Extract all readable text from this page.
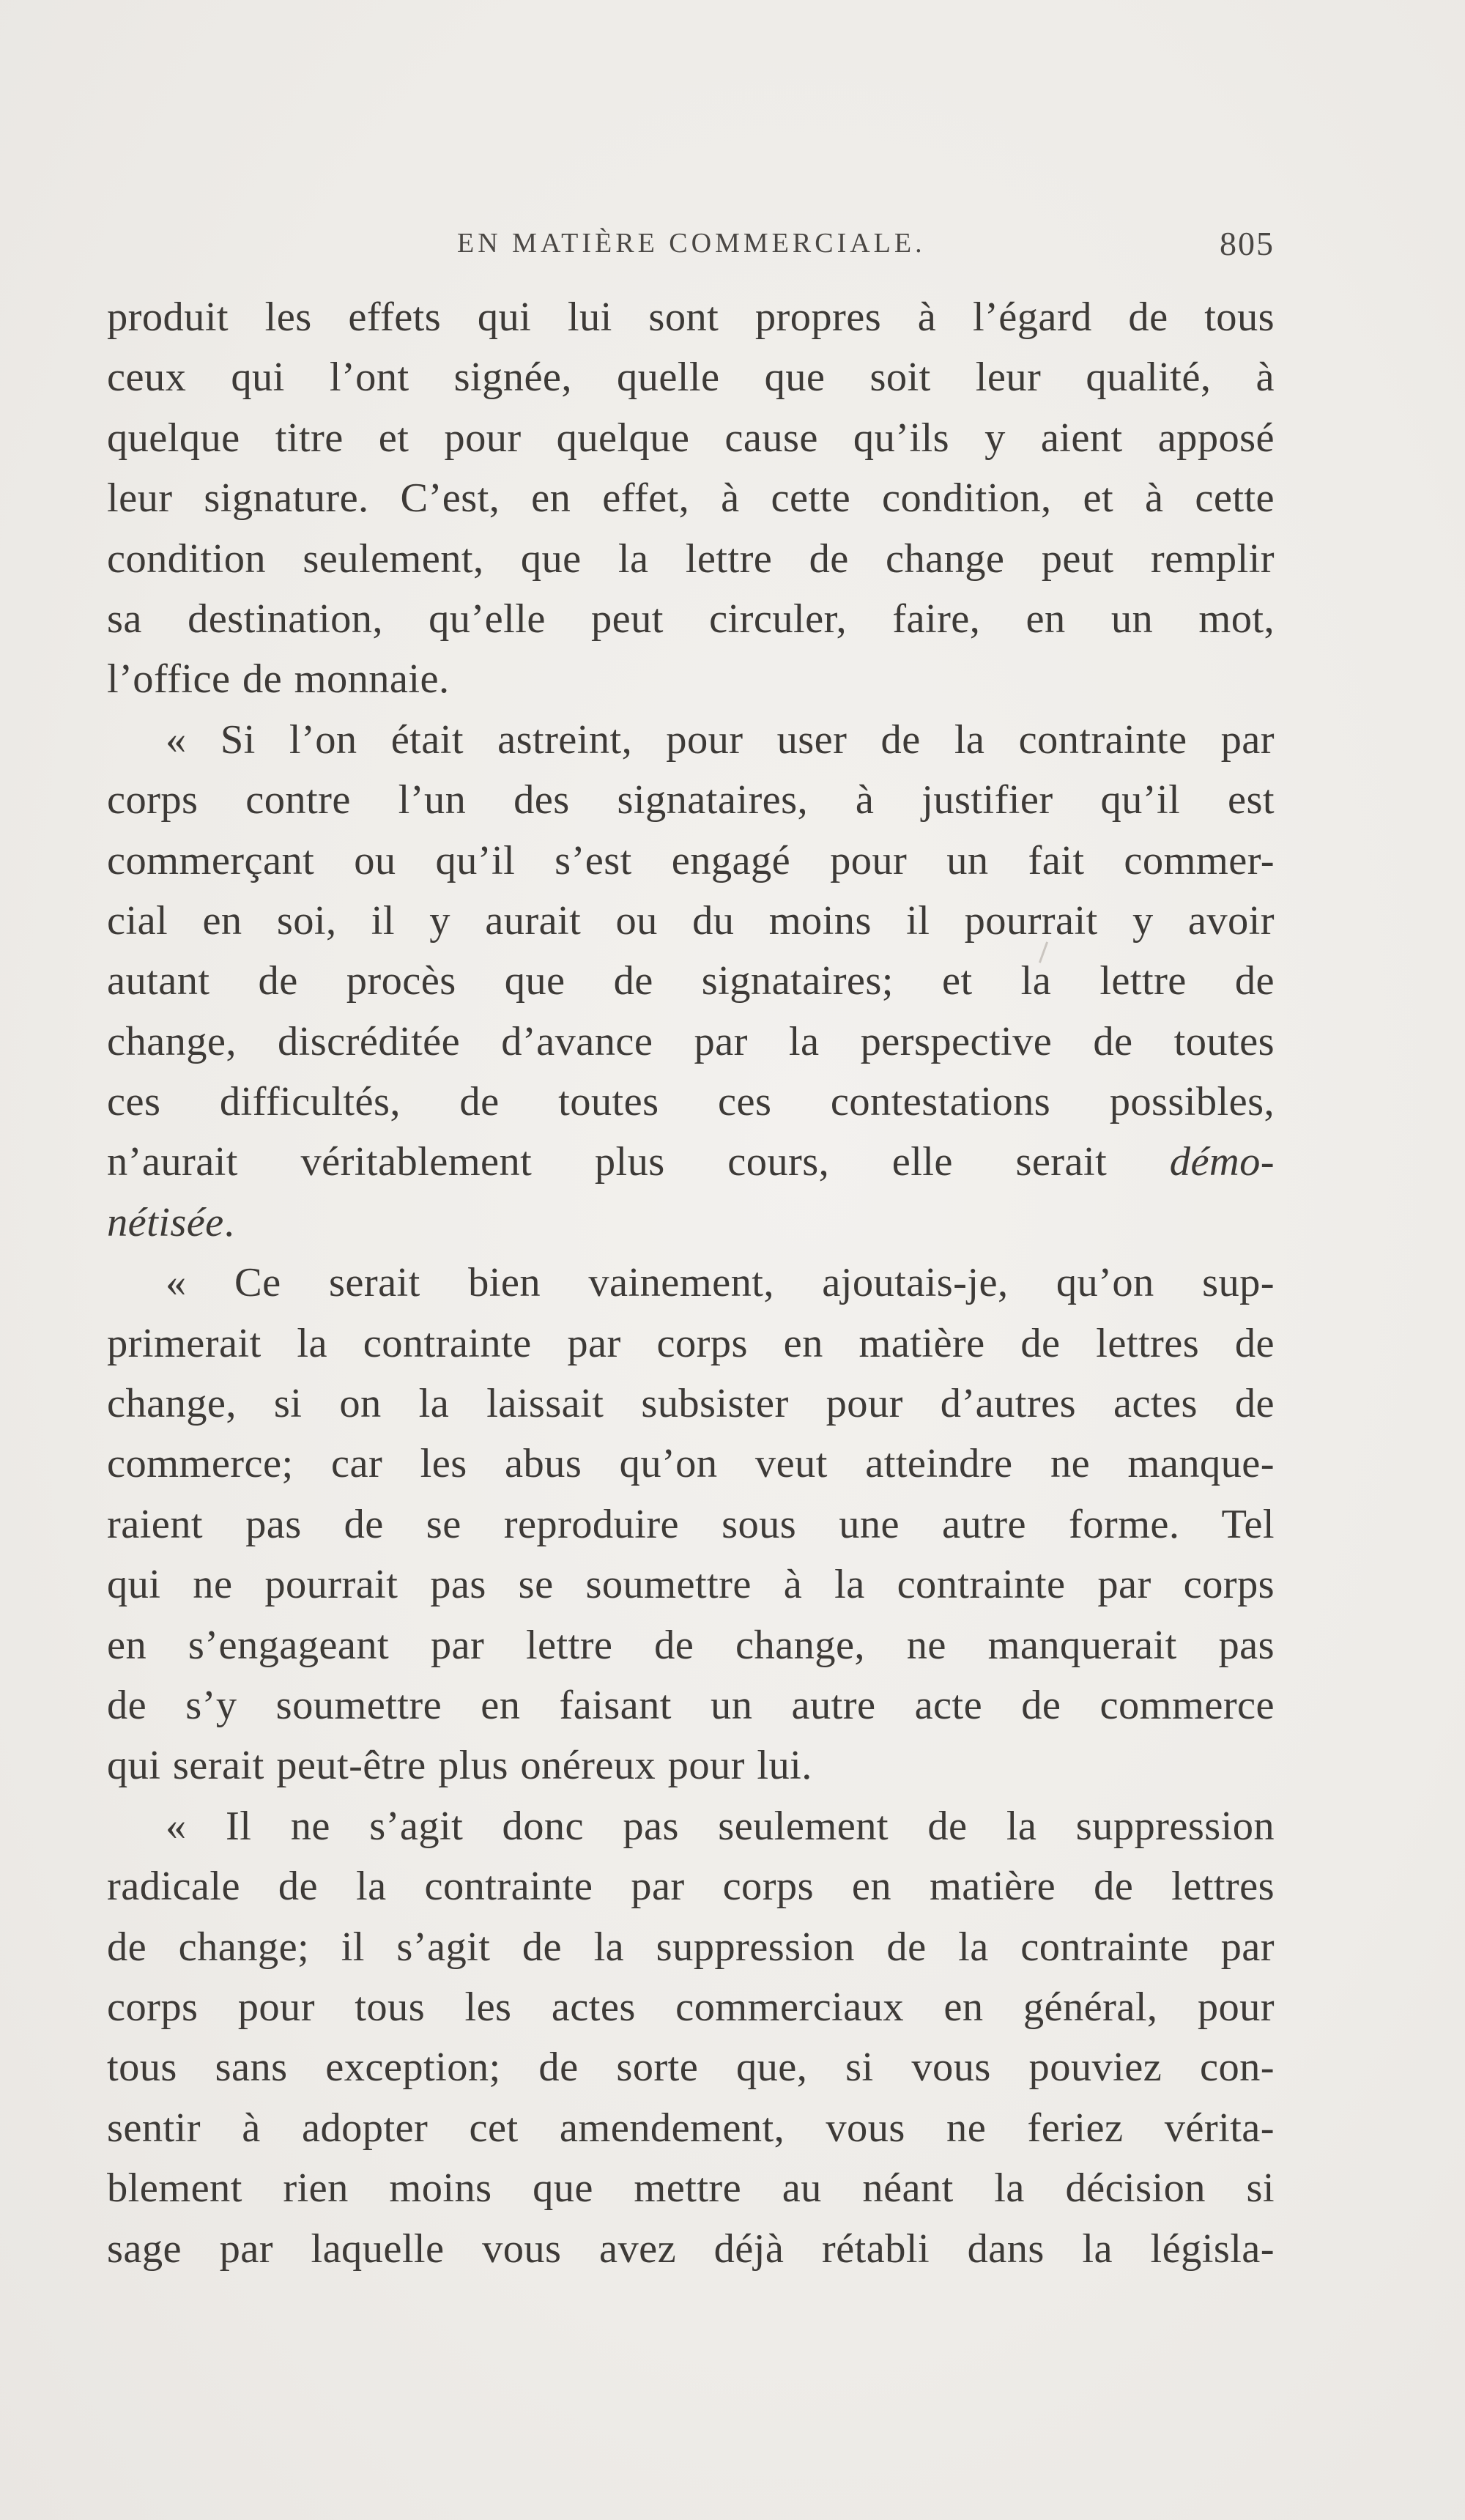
EN MATIÈRE COMMERCIALE.	805

produit les effets qui lui sont propres à l’égard de tous
ceux qui l’ont signée, quelle que soit leur qualité, à
quelque titre et pour quelque cause qu’ils y aient apposé
leur signature. C’est, en effet, à cette condition, et à cette
condition seulement, que la lettre de change peut remplir
sa destination, qu’elle peut circuler, faire, en un mot,
l’office de monnaie.

« Si l’on était astreint, pour user de la contrainte par
corps contre l’un des signataires, à justifier qu’il est
commerçant ou qu’il s’est engagé pour un fait commer-
cial en soi, il y aurait ou du moins il pourrait y avoir
autant de procès que de signataires; et la lettre de
change, discréditée d’avance par la perspective de toutes
ces difficultés, de toutes ces contestations possibles,
n’aurait véritablement plus cours, elle serait démo-
nétisée.

« Ce serait bien vainement, ajoutais-je, qu’on sup-
primerait la contrainte par corps en matière de lettres de
change, si on la laissait subsister pour d’autres actes de
commerce; car les abus qu’on veut atteindre ne manque-
raient pas de se reproduire sous une autre forme. Tel
qui ne pourrait pas se soumettre à la contrainte par corps
en s’engageant par lettre de change, ne manquerait pas
de s’y soumettre en faisant un autre acte de commerce
qui serait peut-être plus onéreux pour lui.

« Il ne s’agit donc pas seulement de la suppression
radicale de la contrainte par corps en matière de lettres
de change; il s’agit de la suppression de la contrainte par
corps pour tous les actes commerciaux en général, pour
tous sans exception; de sorte que, si vous pouviez con-
sentir à adopter cet amendement, vous ne feriez vérita-
blement rien moins que mettre au néant la décision si
sage par laquelle vous avez déjà rétabli dans la législa-
